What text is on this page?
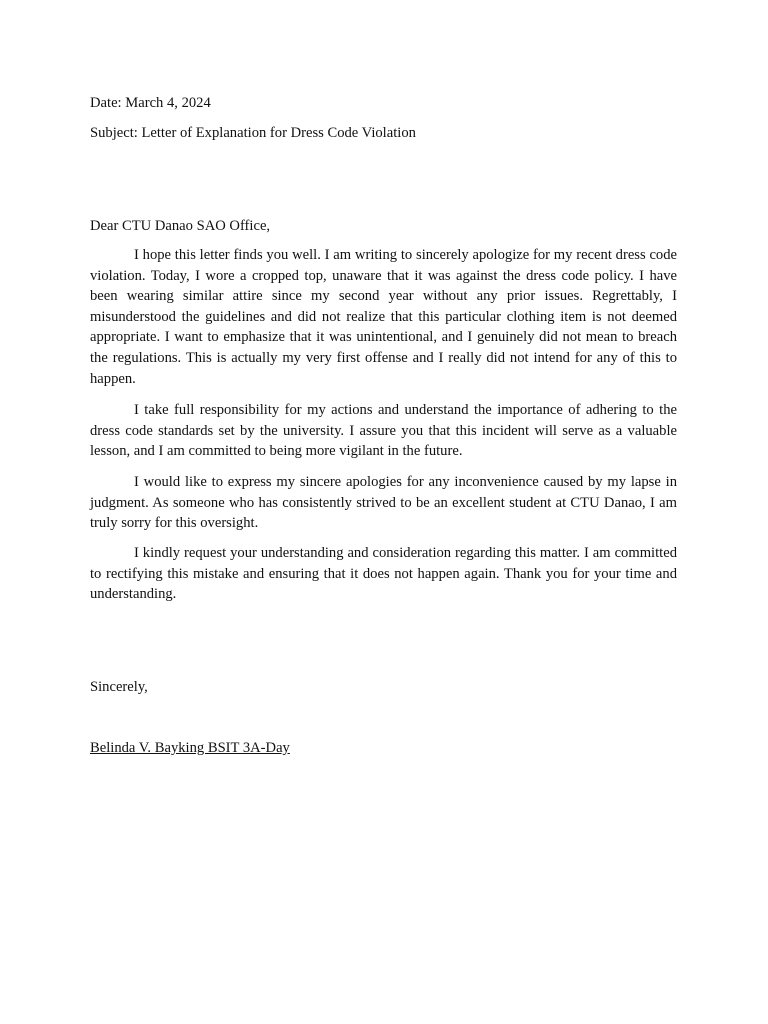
Date: March 4, 2024
Subject: Letter of Explanation for Dress Code Violation
Dear CTU Danao SAO Office,

I hope this letter finds you well. I am writing to sincerely apologize for my recent dress code violation. Today, I wore a cropped top, unaware that it was against the dress code policy. I have been wearing similar attire since my second year without any prior issues. Regrettably, I misunderstood the guidelines and did not realize that this particular clothing item is not deemed appropriate. I want to emphasize that it was unintentional, and I genuinely did not mean to breach the regulations. This is actually my very first offense and I really did not intend for any of this to happen.

I take full responsibility for my actions and understand the importance of adhering to the dress code standards set by the university. I assure you that this incident will serve as a valuable lesson, and I am committed to being more vigilant in the future.

I would like to express my sincere apologies for any inconvenience caused by my lapse in judgment. As someone who has consistently strived to be an excellent student at CTU Danao, I am truly sorry for this oversight.

I kindly request your understanding and consideration regarding this matter. I am committed to rectifying this mistake and ensuring that it does not happen again. Thank you for your time and understanding.

Sincerely,
Belinda V. Bayking BSIT 3A-Day
